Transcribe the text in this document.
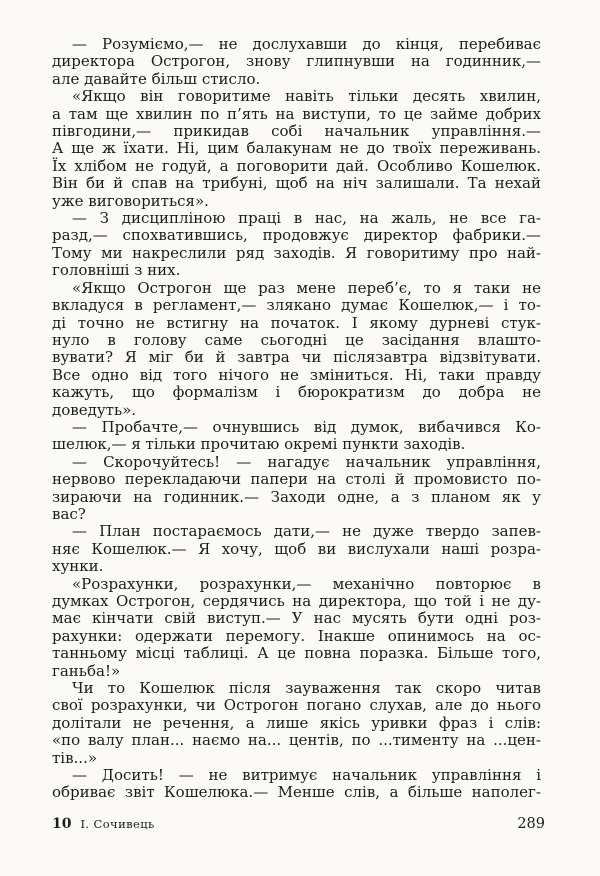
— Розуміємо,— не дослухавши до кінця, перебиває
директора Острогон, знову глипнувши на годинник,—
але давайте більш стисло.
«Якщо він говоритиме навіть тільки десять хвилин,
а там ще хвилин по п’ять на виступи, то це займе добрих
півгодини,— прикидав собі начальник управління.—
А ще ж їхати. Ні, цим балакунам не до твоїх переживань.
Їх хлібом не годуй, а поговорити дай. Особливо Кошелюк.
Він би й спав на трибуні, щоб на ніч залишали. Та нехай
уже виговориться».
— З дисципліною праці в нас, на жаль, не все га-
разд,— спохватившись, продовжує директор фабрики.—
Тому ми накреслили ряд заходів. Я говоритиму про най-
головніші з них.
«Якщо Острогон ще раз мене переб’є, то я таки не
вкладуся в регламент,— злякано думає Кошелюк,— і то-
ді точно не встигну на початок. І якому дурневі стук-
нуло в голову саме сьогодні це засідання влашто-
вувати? Я міг би й завтра чи післязавтра відзвітувати.
Все одно від того нічого не зміниться. Ні, таки правду
кажуть, що формалізм і бюрократизм до добра не
доведуть».
— Пробачте,— очнувшись від думок, вибачився Ко-
шелюк,— я тільки прочитаю окремі пункти заходів.
— Скорочуйтесь! — нагадує начальник управління,
нервово перекладаючи папери на столі й промовисто по-
зираючи на годинник.— Заходи одне, а з планом як у
вас?
— План постараємось дати,— не дуже твердо запев-
няє Кошелюк.— Я хочу, щоб ви вислухали наші розра-
хунки.
«Розрахунки, розрахунки,— механічно повторює в
думках Острогон, сердячись на директора, що той і не ду-
має кінчати свій виступ.— У нас мусять бути одні роз-
рахунки: одержати перемогу. Інакше опинимось на ос-
танньому місці таблиці. А це повна поразка. Більше того,
ганьба!»
Чи то Кошелюк після зауваження так скоро читав
свої розрахунки, чи Острогон погано слухав, але до нього
долітали не речення, а лише якісь уривки фраз і слів:
«по валу план... наємо на... центів, по ...тименту на ...цен-
тів...»
— Досить! — не витримує начальник управління і
обриває звіт Кошелюка.— Менше слів, а більше наполег-
10 І. Сочивець	289
